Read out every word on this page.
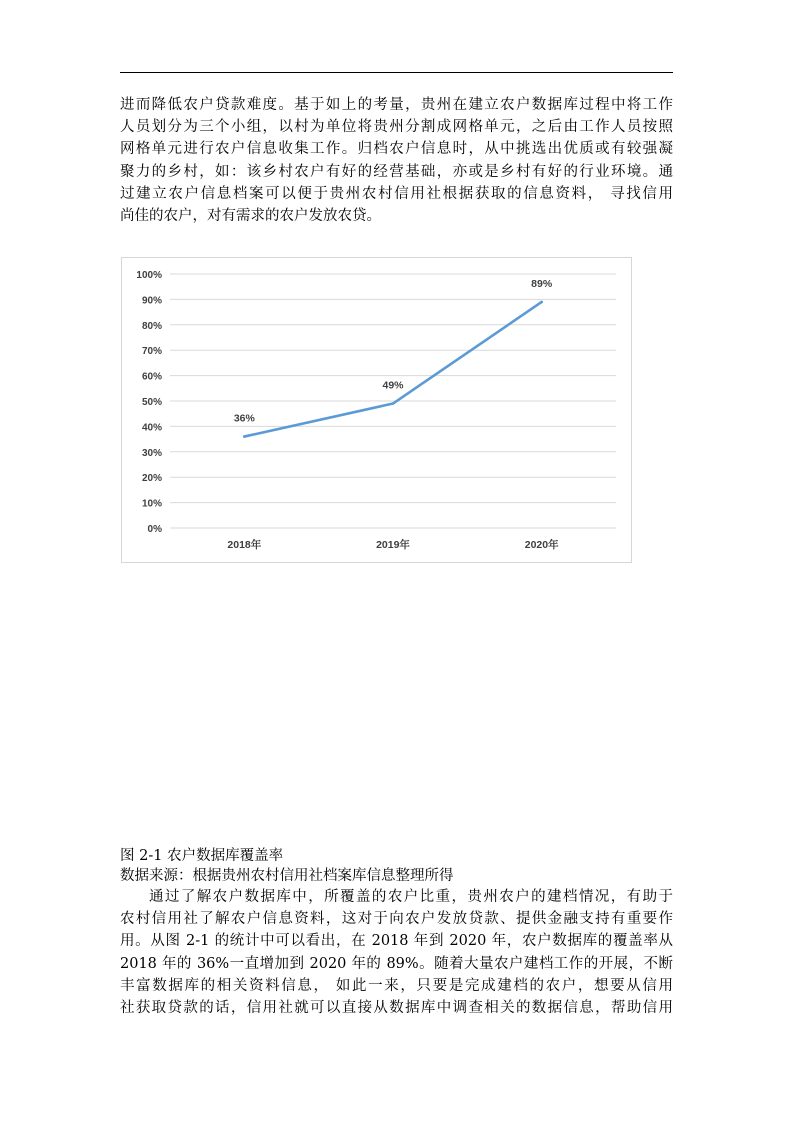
进而降低农户贷款难度。基于如上的考量，贵州在建立农户数据库过程中将工作
人员划分为三个小组，以村为单位将贵州分割成网格单元，之后由工作人员按照
网格单元进行农户信息收集工作。归档农户信息时，从中挑选出优质或有较强凝
聚力的乡村，如：该乡村农户有好的经营基础，亦或是乡村有好的行业环境。通
过建立农户信息档案可以便于贵州农村信用社根据获取的信息资料， 寻找信用
尚佳的农户，对有需求的农户发放农贷。

0%
10%
20%
30%
40%
50%
60%
70%
80%
90%
100%
2018年	2019年	2020年
36%
49%
89%
图 2-1 农户数据库覆盖率
数据来源：根据贵州农村信用社档案库信息整理所得

通过了解农户数据库中，所覆盖的农户比重，贵州农户的建档情况，有助于
农村信用社了解农户信息资料，这对于向农户发放贷款、提供金融支持有重要作
用。从图 2-1 的统计中可以看出，在 2018 年到 2020 年，农户数据库的覆盖率从
2018 年的 36%一直增加到 2020 年的 89%。随着大量农户建档工作的开展，不断
丰富数据库的相关资料信息， 如此一来，只要是完成建档的农户，想要从信用
社获取贷款的话，信用社就可以直接从数据库中调查相关的数据信息，帮助信用
